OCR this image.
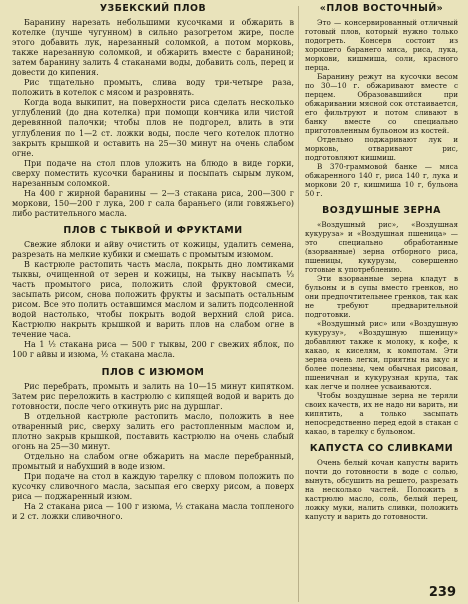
УЗБЕКСКИЙ ПЛОВ

Баранину нарезать небольшими кусочками и обжарить в котелке (лучше чугунном) в сильно разогретом жире, после этого добавить лук, нарезанный соломкой, а потом морковь, также нарезанную соломкой, и обжарить вместе с бараниной; затем баранину залить 4 стаканами воды, добавить соль, перец и довести до кипения.

Рис тщательно промыть, слива воду три-четыре раза, положить в котелок с мясом и разровнять.

Когда вода выкипит, на поверхности риса сделать несколько углублений (до дна котелка) при помощи кончика или чистой деревянной палочки; чтобы плов не подгорел, влить в эти углубления по 1—2 ст. ложки воды, после чего котелок плотно закрыть крышкой и оставить на 25—30 минут на очень слабом огне.

При подаче на стол плов уложить на блюдо в виде горки, сверху поместить кусочки баранины и посыпать сырым луком, нарезанным соломкой.

На 400 г жирной баранины — 2—3 стакана риса, 200—300 г моркови, 150—200 г лука, 200 г сала бараньего (или говяжьего) либо растительного масла.

ПЛОВ С ТЫКВОЙ И ФРУКТАМИ

Свежие яблоки и айву очистить от кожицы, удалить семена, разрезать на мелкие кубики и смешать с промытым изюмом.

В кастрюле растопить часть масла, покрыть дно ломтиками тыквы, очищенной от зерен и кожицы, на тыкву насыпать ⅓ часть промытого риса, положить слой фруктовой смеси, засыпать рисом, снова положить фрукты и засыпать остальным рисом. Все это полить оставшимся маслом и залить подсоленной водой настолько, чтобы покрыть водой верхний слой риса. Кастрюлю накрыть крышкой и варить плов на слабом огне в течение часа.

На 1 ½ стакана риса — 500 г тыквы, 200 г свежих яблок, по 100 г айвы и изюма, ½ стакана масла.

ПЛОВ С ИЗЮМОМ

Рис перебрать, промыть и залить на 10—15 минут кипятком. Затем рис переложить в кастрюлю с кипящей водой и варить до готовности, после чего откинуть рис на дуршлаг.

В отдельной кастрюле растопить масло, положить в нее отваренный рис, сверху залить его растопленным маслом и, плотно закрыв крышкой, поставить кастрюлю на очень слабый огонь на 25—30 минут.

Отдельно на слабом огне обжарить на масле перебранный, промытый и набухший в воде изюм.

При подаче на стол в каждую тарелку с пловом положить по кусочку сливочного масла, засыпая его сверху рисом, а поверх риса — поджаренный изюм.

На 2 стакана риса — 100 г изюма, ½ стакана масла топленого и 2 ст. ложки сливочного.

«ПЛОВ ВОСТОЧНЫЙ»

Это — консервированный отличный готовый плов, который нужно только подогреть. Консерв состоит из хорошего баранего мяса, риса, лука, моркови, кишмиша, соли, красного перца.

Баранину режут на кусочки весом по 30—10 г. обжаривают вместе с перцем. Образовавшийся при обжаривании мясной сок отстаивается, его фильтруют и потом сливают в банку вместе со специально приготовленным бульоном из костей.

Отдельно поджаривают лук и морковь, отваривают рис, подготовляют кишмиш.

В 370-граммовой банке — мяса обжаренного 140 г, риса 140 г, лука и моркови 20 г, кишмиша 10 г, бульона 50 г.

ВОЗДУШНЫЕ ЗЕРНА

«Воздушный рис», «Воздушная кукуруза» и «Воздушная пшеница» — это специально обработанные (взорванные) зерна отборного риса, пшеницы, кукурузы, совершенно готовые к употреблению.

Эти взорванные зерна кладут в бульоны и в супы вместо гренков, но они предпочтительнее гренков, так как не требуют предварительной подготовки.

«Воздушный рис» или «Воздушную кукурузу», «Воздушную пшеницу» добавляют также к молоку, к кофе, к какао, к киселям, к компотам. Эти зерна очень легки, приятны на вкус и более полезны, чем обычная рисовая, пшеничная и кукурузная крупа, так как легче и полнее усваиваются.

Чтобы воздушные зерна не теряли своих качеств, их не надо ни варить, ни кипятить, а только засыпать непосредственно перед едой в стакан с какао, в тарелку с бульоном.

КАПУСТА СО СЛИВКАМИ

Очень белый кочан капусты варить почти до готовности в воде с солью, вынуть, обсушить на решето, разрезать на несколько частей. Положить в кастрюлю масло, соль, белый перец, ложку муки, налить сливки, положить капусту и варить до готовности.

239
